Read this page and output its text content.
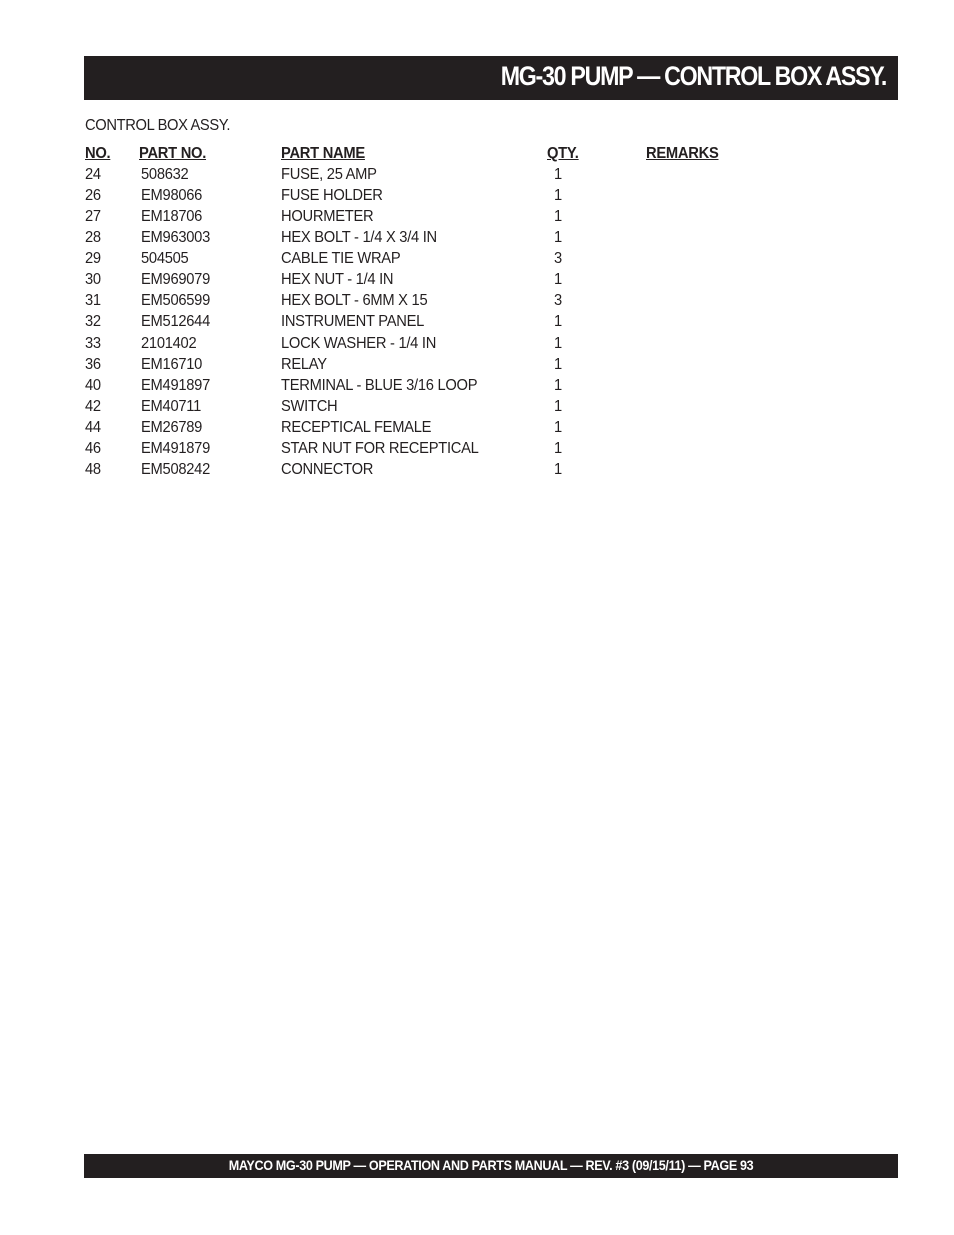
MG-30 PUMP — CONTROL BOX ASSY.
CONTROL BOX ASSY.
NO. PART NO.	PART NAME	QTY.	REMARKS
24	508632	FUSE, 25 AMP	1
26	EM98066	FUSE HOLDER	1
27	EM18706	HOURMETER	1
28	EM963003	HEX BOLT - 1/4 X 3/4 IN	1
29	504505	CABLE TIE WRAP	3
30	EM969079	HEX NUT - 1/4 IN	1
31	EM506599	HEX BOLT - 6MM X 15	3
32	EM512644	INSTRUMENT PANEL	1
33	2101402	LOCK WASHER - 1/4 IN	1
36	EM16710	RELAY	1
40	EM491897	TERMINAL - BLUE 3/16 LOOP	1
42	EM40711	SWITCH	1
44	EM26789	RECEPTICAL FEMALE	1
46	EM491879	STAR NUT FOR RECEPTICAL	1
48	EM508242	CONNECTOR	1
MAYCO MG-30 PUMP — OPERATION AND PARTS MANUAL — REV. #3 (09/15/11) — PAGE 93
